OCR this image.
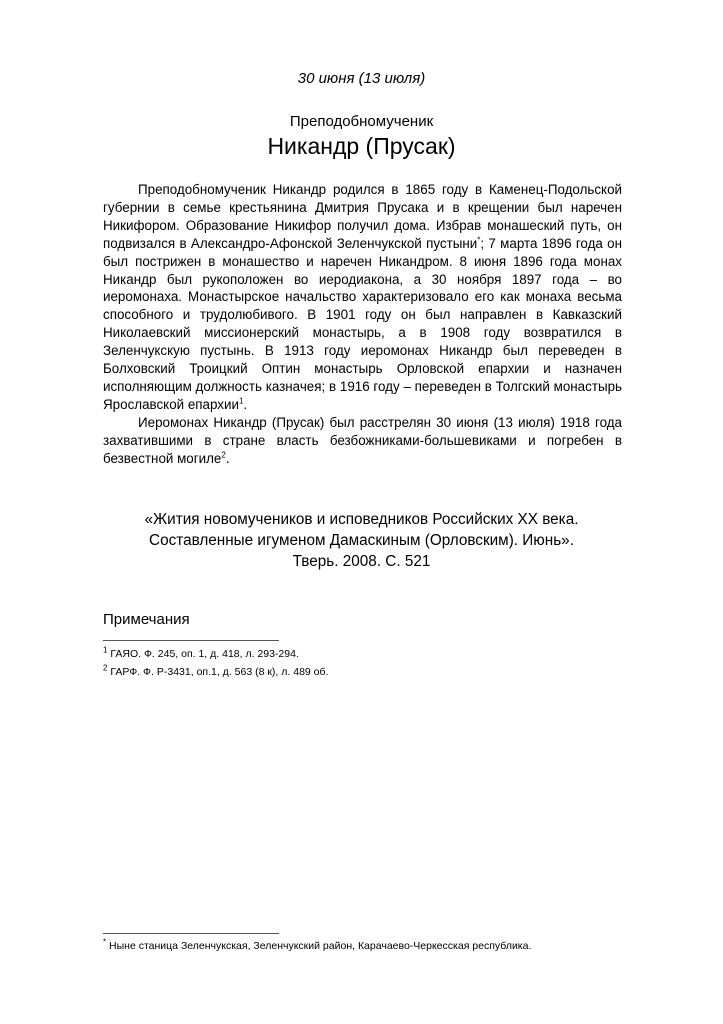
30 июня (13 июля)
Преподобномученик
Никандр (Прусак)

Преподобномученик Никандр родился в 1865 году в Каменец-Подольской губернии в семье крестьянина Дмитрия Прусака и в крещении был наречен Никифором. Образование Никифор получил дома. Избрав монашеский путь, он подвизался в Александро-Афонской Зеленчукской пустыни*; 7 марта 1896 года он был пострижен в монашество и наречен Никандром. 8 июня 1896 года монах Никандр был рукоположен во иеродиакона, а 30 ноября 1897 года – во иеромонаха. Монастырское начальство характеризовало его как монаха весьма способного и трудолюбивого. В 1901 году он был направлен в Кавказский Николаевский миссионерский монастырь, а в 1908 году возвратился в Зеленчукскую пустынь. В 1913 году иеромонах Никандр был переведен в Болховский Троицкий Оптин монастырь Орловской епархии и назначен исполняющим должность казначея; в 1916 году – переведен в Толгский монастырь Ярославской епархии$^1$.

Иеромонах Никандр (Прусак) был расстрелян 30 июня (13 июля) 1918 года захватившими в стране власть безбожниками-большевиками и погребен в безвестной могиле$^2$.

«Жития новомучеников и исповедников Российских ХХ века.
Составленные игуменом Дамаскиным (Орловским). Июнь».
Тверь. 2008. С. 521
Примечания
$^1$ ГАЯО. Ф. 245, оп. 1, д. 418, л. 293-294.
$^2$ ГАРФ. Ф. Р-3431, оп.1, д. 563 (8 к), л. 489 об.
* Ныне станица Зеленчукская, Зеленчукский район, Карачаево-Черкесская республика.
